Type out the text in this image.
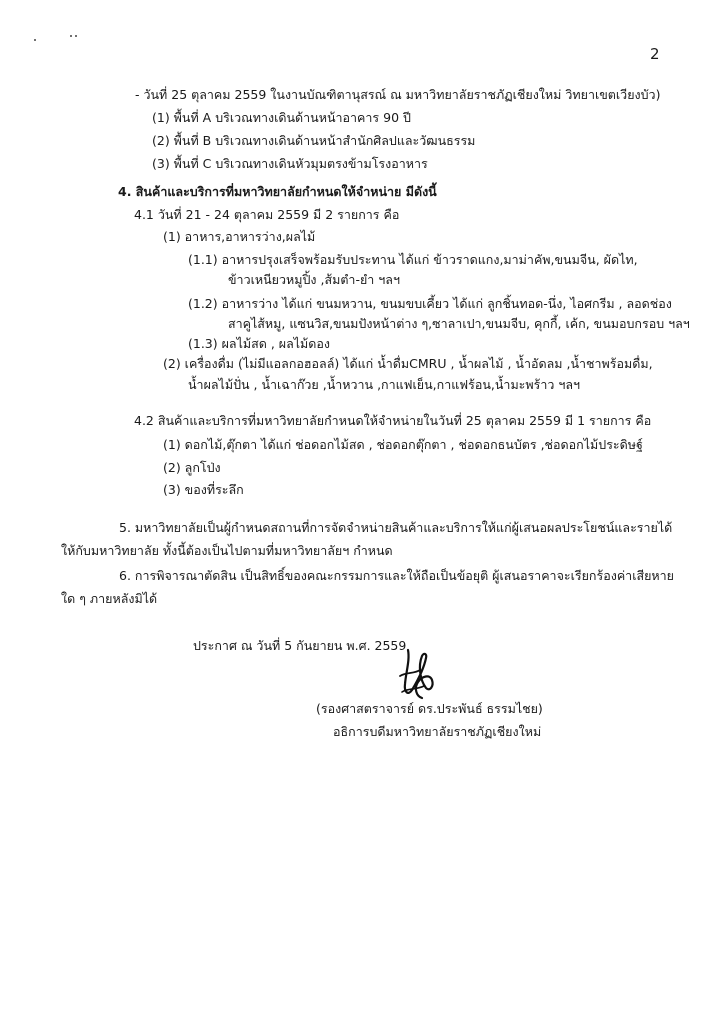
2
- วันที่ 25 ตุลาคม 2559 ในงานบัณฑิตานุสรณ์ ณ มหาวิทยาลัยราชภัฏเชียงใหม่ วิทยาเขตเวียงบัว)
(1) พื้นที่ A บริเวณทางเดินด้านหน้าอาคาร 90 ปี
(2) พื้นที่ B บริเวณทางเดินด้านหน้าสำนักศิลปและวัฒนธรรม
(3) พื้นที่ C บริเวณทางเดินหัวมุมตรงข้ามโรงอาหาร
4. สินค้าและบริการที่มหาวิทยาลัยกำหนดให้จำหน่าย มีดังนี้
4.1 วันที่ 21 - 24 ตุลาคม 2559 มี 2 รายการ คือ
(1) อาหาร,อาหารว่าง,ผลไม้
(1.1) อาหารปรุงเสร็จพร้อมรับประทาน ได้แก่ ข้าวราดแกง,มาม่าคัพ,ขนมจีน, ผัดไท,
ข้าวเหนียวหมูปิ้ง ,ส้มตำ-ยำ ฯลฯ
(1.2) อาหารว่าง ได้แก่ ขนมหวาน, ขนมขบเคี้ยว ได้แก่ ลูกชิ้นทอด-นึ่ง, ไอศกรีม , ลอดช่อง
สาคูไส้หมู, แซนวิส,ขนมปังหน้าต่าง ๆ,ซาลาเปา,ขนมจีบ, คุกกี้, เค้ก, ขนมอบกรอบ ฯลฯ
(1.3) ผลไม้สด , ผลไม้ดอง
(2) เครื่องดื่ม (ไม่มีแอลกอฮอลล์) ได้แก่ น้ำดื่มCMRU , น้ำผลไม้ , น้ำอัดลม ,น้ำชาพร้อมดื่ม,
น้ำผลไม้ปั่น , น้ำเฉาก๊วย ,น้ำหวาน ,กาแฟเย็น,กาแฟร้อน,น้ำมะพร้าว ฯลฯ
4.2 สินค้าและบริการที่มหาวิทยาลัยกำหนดให้จำหน่ายในวันที่ 25 ตุลาคม 2559 มี 1 รายการ คือ
(1) ดอกไม้,ตุ๊กตา ได้แก่ ช่อดอกไม้สด , ช่อดอกตุ๊กตา , ช่อดอกธนบัตร ,ช่อดอกไม้ประดิษฐ์
(2) ลูกโป่ง
(3) ของที่ระลึก
5. มหาวิทยาลัยเป็นผู้กำหนดสถานที่การจัดจำหน่ายสินค้าและบริการให้แก่ผู้เสนอผลประโยชน์และรายได้
ให้กับมหาวิทยาลัย ทั้งนี้ต้องเป็นไปตามที่มหาวิทยาลัยฯ กำหนด
6. การพิจารณาตัดสิน เป็นสิทธิ์ของคณะกรรมการและให้ถือเป็นข้อยุติ ผู้เสนอราคาจะเรียกร้องค่าเสียหาย
ใด ๆ ภายหลังมิได้
ประกาศ ณ วันที่ 5 กันยายน พ.ศ. 2559
(รองศาสตราจารย์ ดร.ประพันธ์ ธรรมไชย)
อธิการบดีมหาวิทยาลัยราชภัฏเชียงใหม่
